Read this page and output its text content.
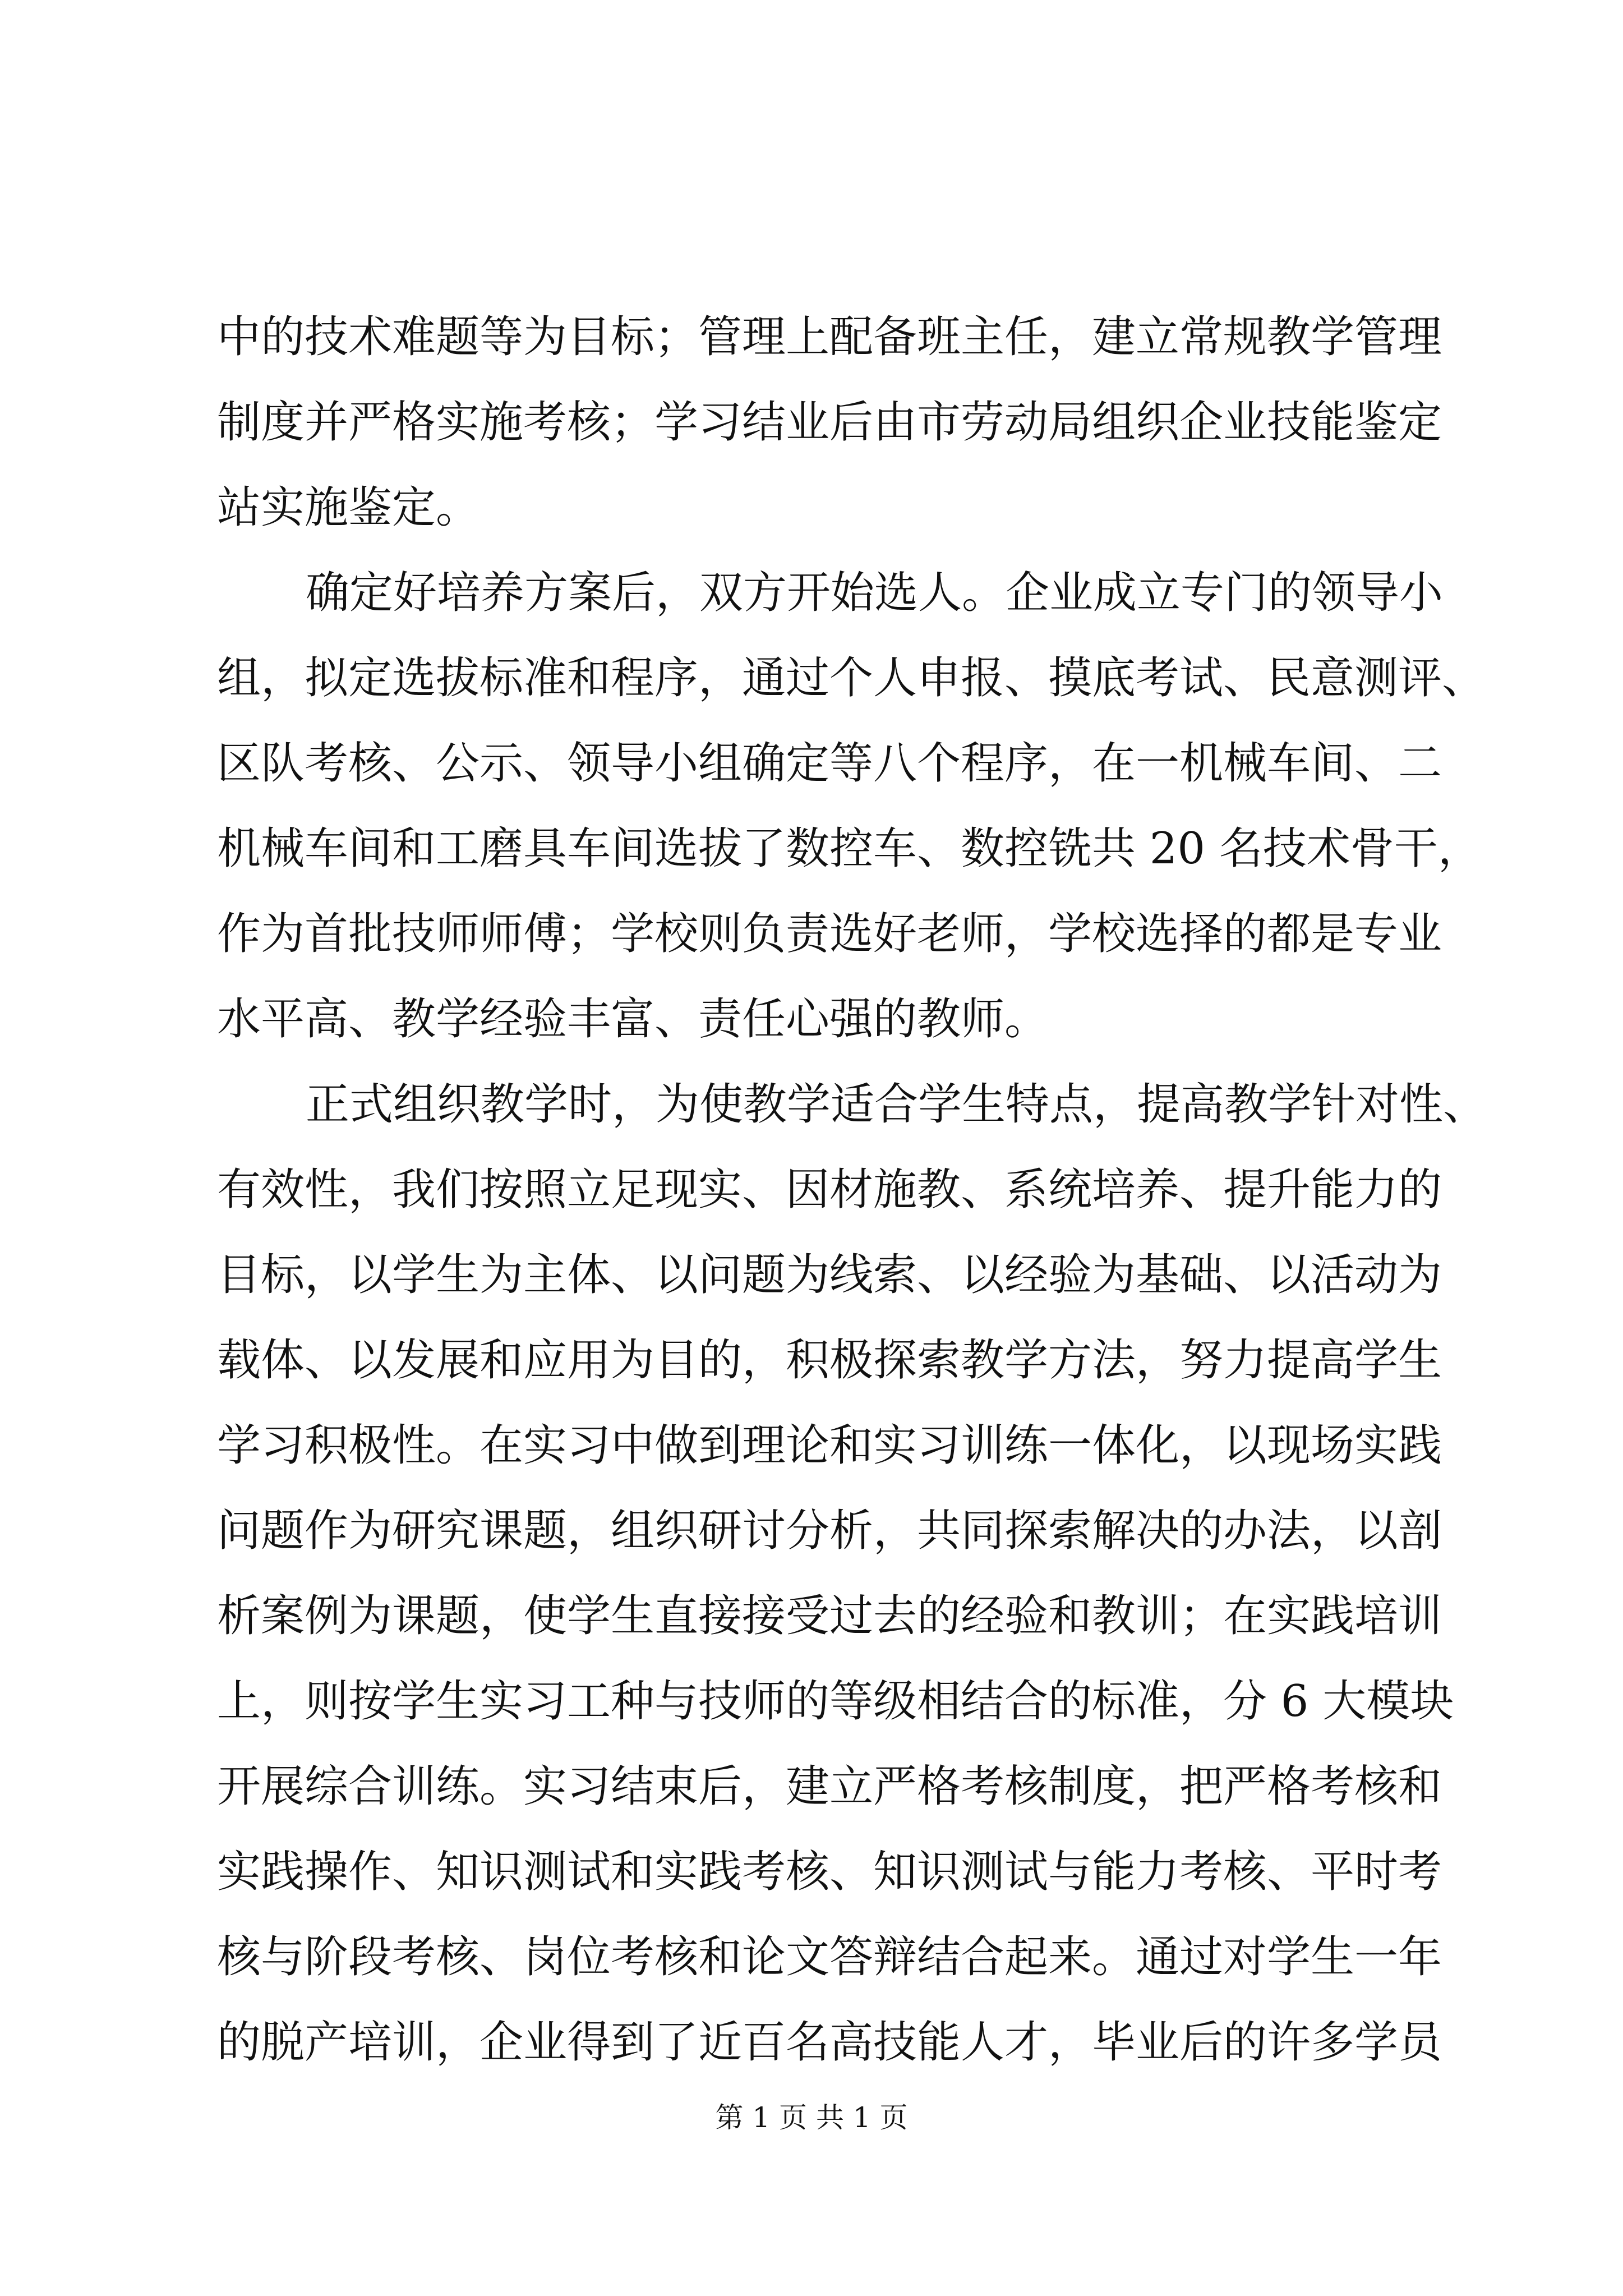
中的技术难题等为目标；管理上配备班主任，建立常规教学管理
制度并严格实施考核；学习结业后由市劳动局组织企业技能鉴定
站实施鉴定。

确定好培养方案后，双方开始选人。企业成立专门的领导小
组，拟定选拔标准和程序，通过个人申报、摸底考试、民意测评、
区队考核、公示、领导小组确定等八个程序，在一机械车间、二
机械车间和工磨具车间选拔了数控车、数控铣共 20 名技术骨干，
作为首批技师师傅；学校则负责选好老师，学校选择的都是专业
水平高、教学经验丰富、责任心强的教师。

正式组织教学时，为使教学适合学生特点，提高教学针对性、
有效性，我们按照立足现实、因材施教、系统培养、提升能力的
目标，以学生为主体、以问题为线索、以经验为基础、以活动为
载体、以发展和应用为目的，积极探索教学方法，努力提高学生
学习积极性。在实习中做到理论和实习训练一体化，以现场实践
问题作为研究课题，组织研讨分析，共同探索解决的办法，以剖
析案例为课题，使学生直接接受过去的经验和教训；在实践培训
上，则按学生实习工种与技师的等级相结合的标准，分 6 大模块
开展综合训练。实习结束后，建立严格考核制度，把严格考核和
实践操作、知识测试和实践考核、知识测试与能力考核、平时考
核与阶段考核、岗位考核和论文答辩结合起来。通过对学生一年
的脱产培训，企业得到了近百名高技能人才，毕业后的许多学员

第 1 页 共 1 页
